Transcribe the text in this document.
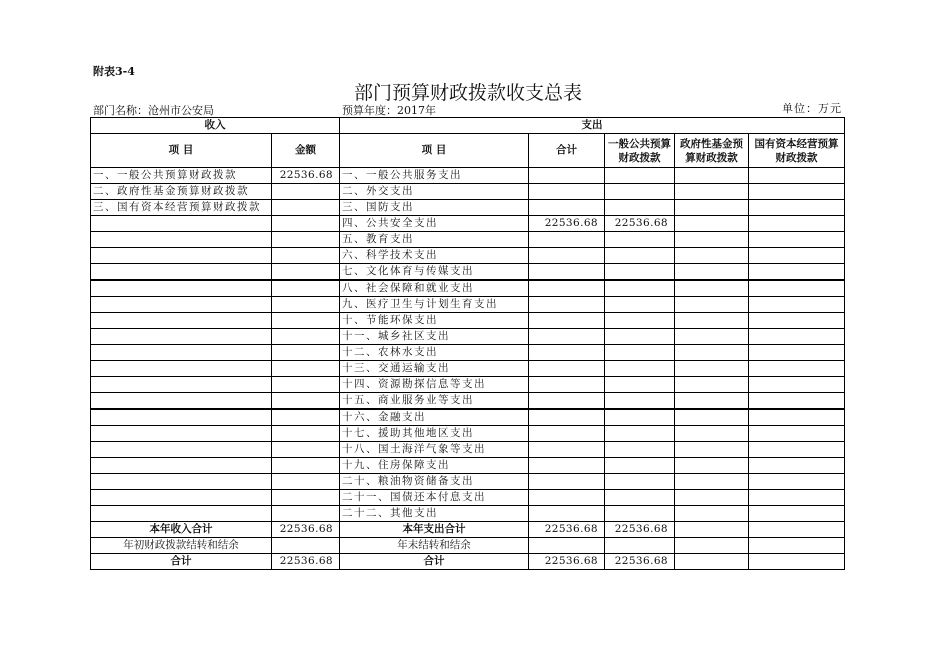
附表3-4
部门预算财政拨款收支总表
部门名称：沧州市公安局	预算年度：2017年	单位：万元
收入		支出				
项 目	金额	项 目	合计	一般公共预算财政拨款	政府性基金预算财政拨款	国有资本经营预算财政拨款
一、一般公共预算财政拨款	22536.68	一、一般公共服务支出				
二、政府性基金预算财政拨款		二、外交支出				
三、国有资本经营预算财政拨款		三、国防支出				
		四、公共安全支出	22536.68	22536.68		
		五、教育支出				
		六、科学技术支出				
		七、文化体育与传媒支出				
		八、社会保障和就业支出				
		九、医疗卫生与计划生育支出				
		十、节能环保支出				
		十一、城乡社区支出				
		十二、农林水支出				
		十三、交通运输支出				
		十四、资源勘探信息等支出				
		十五、商业服务业等支出				
		十六、金融支出				
		十七、援助其他地区支出				
		十八、国土海洋气象等支出				
		十九、住房保障支出				
		二十、粮油物资储备支出				
		二十一、国债还本付息支出				
		二十二、其他支出				
本年收入合计	22536.68	本年支出合计	22536.68	22536.68		
年初财政拨款结转和结余		年末结转和结余				
合计	22536.68	合计	22536.68	22536.68		
